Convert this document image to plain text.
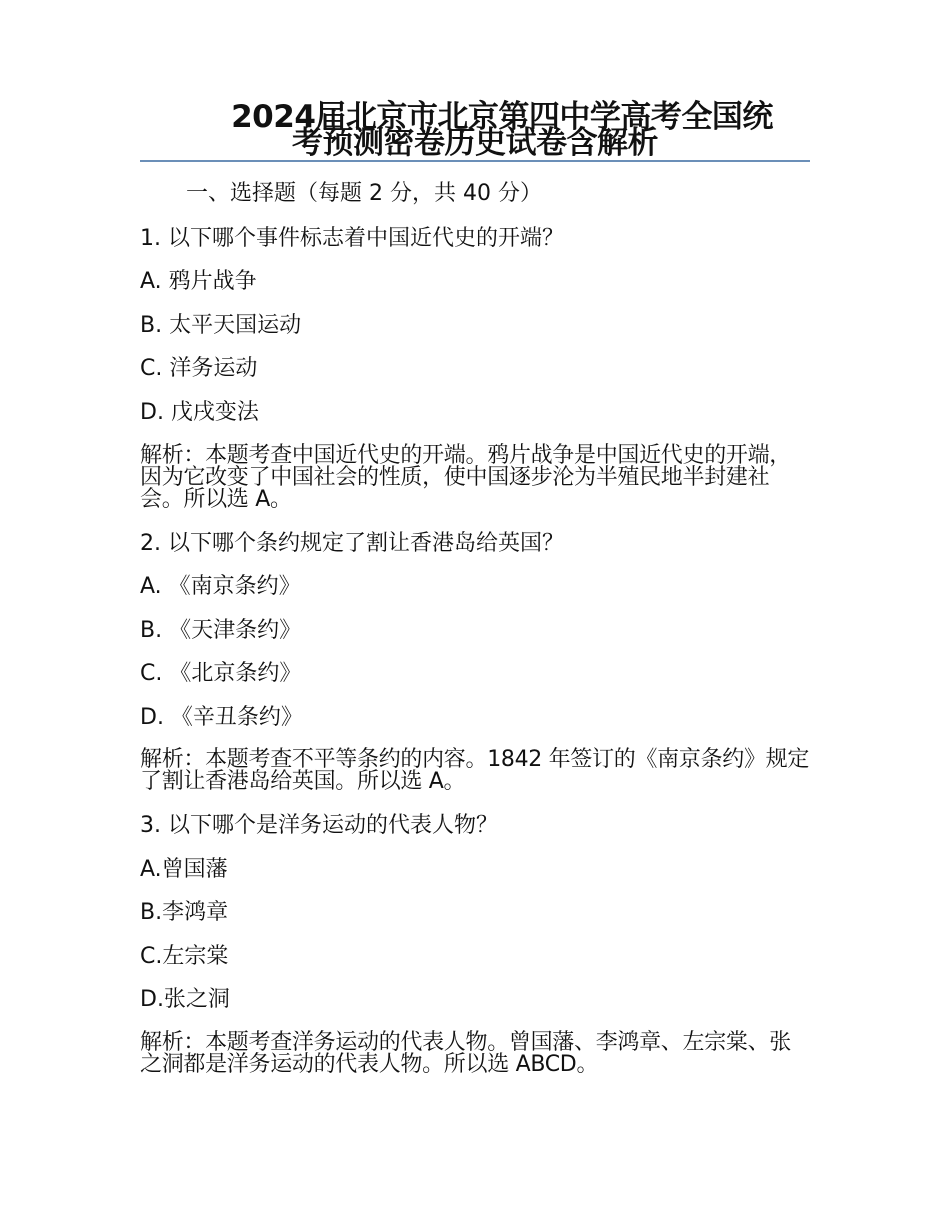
2024届北京市北京第四中学高考全国统
考预测密卷历史试卷含解析
一、选择题（每题 2 分，共 40 分）
1. 以下哪个事件标志着中国近代史的开端？
A. 鸦片战争
B. 太平天国运动
C. 洋务运动
D. 戊戌变法
解析：本题考查中国近代史的开端。鸦片战争是中国近代史的开端，因为它改变了中国社会的性质，使中国逐步沦为半殖民地半封建社会。所以选 A。
2. 以下哪个条约规定了割让香港岛给英国？
A. 《南京条约》
B. 《天津条约》
C. 《北京条约》
D. 《辛丑条约》
解析：本题考查不平等条约的内容。1842 年签订的《南京条约》规定了割让香港岛给英国。所以选 A。
3. 以下哪个是洋务运动的代表人物？
A.曾国藩
B.李鸿章
C.左宗棠
D.张之洞
解析：本题考查洋务运动的代表人物。曾国藩、李鸿章、左宗棠、张之洞都是洋务运动的代表人物。所以选 ABCD。
